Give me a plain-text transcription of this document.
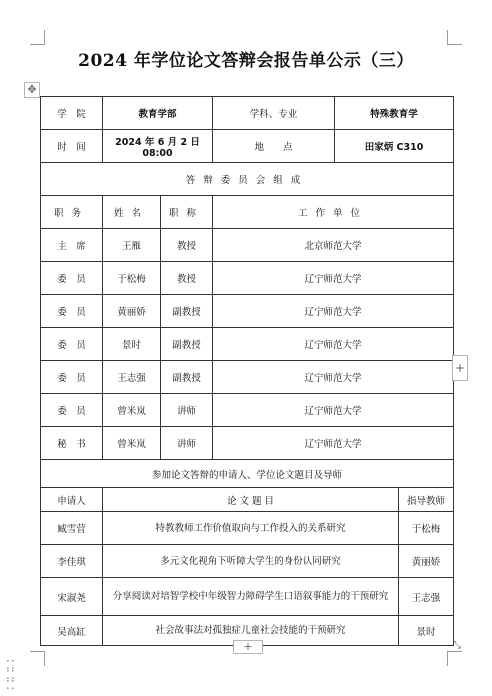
✥
2024 年学位论文答辩会报告单公示（三）
学　院	教育学部		学科、专业	特殊教育学	
时　间	2024 年 6 月 2 日 08:00		地　　点	田家炳 C310	
答辩委员会组成					
职务	姓名	职称	工作单位		
主　席	王雁	教授	北京师范大学		
委　员	于松梅	教授	辽宁师范大学		
委　员	黄丽娇	副教授	辽宁师范大学		
委　员	景时	副教授	辽宁师范大学		
委　员	王志强	副教授	辽宁师范大学		
委　员	曾米岚	讲师	辽宁师范大学		
秘　书	曾米岚	讲师	辽宁师范大学		
参加论文答辩的申请人、学位论文题目及导师					
申请人	论 文 题 目				指导教师
臧雪营	特教教师工作价值取向与工作投入的关系研究				于松梅
李佳琪	多元文化视角下听障大学生的身份认同研究				黄丽娇
宋淑尧	分享阅读对培智学校中年级智力障碍学生口语叙事能力的干预研究				王志强
吴高缸	社会故事法对孤独症儿童社会技能的干预研究				景时
+
+	⤡
⁚⁚
⁚⁚
⁚⁚
